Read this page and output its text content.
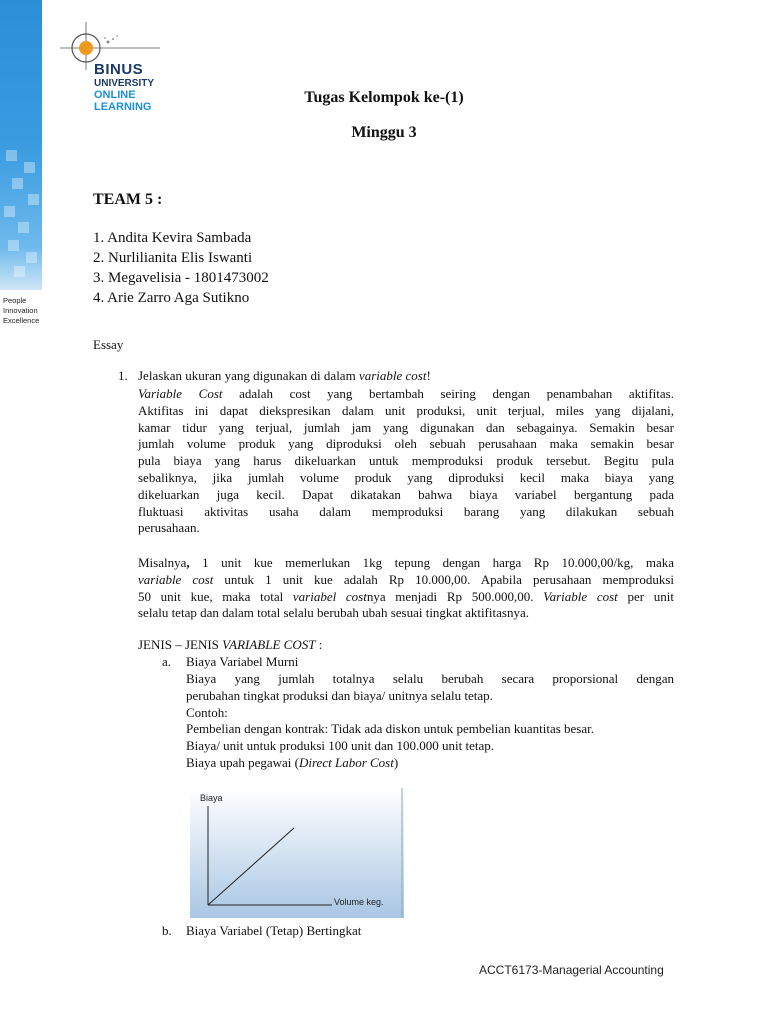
People
Innovation
Excellence
BINUS
UNIVERSITY
ONLINE
LEARNING
Tugas Kelompok ke-(1)
Minggu 3
TEAM 5 :
1. Andita Kevira Sambada
2. Nurlilianita Elis Iswanti
3. Megavelisia - 1801473002
4. Arie Zarro Aga Sutikno
Essay
1. Jelaskan ukuran yang digunakan di dalam variable cost!
Variable Cost adalah cost yang bertambah seiring dengan penambahan aktifitas.
Aktifitas ini dapat diekspresikan dalam unit produksi, unit terjual, miles yang dijalani,
kamar tidur yang terjual, jumlah jam yang digunakan dan sebagainya. Semakin besar
jumlah volume produk yang diproduksi oleh sebuah perusahaan maka semakin besar
pula biaya yang harus dikeluarkan untuk memproduksi produk tersebut. Begitu pula
sebaliknya, jika jumlah volume produk yang diproduksi kecil maka biaya yang
dikeluarkan juga kecil. Dapat dikatakan bahwa biaya variabel bergantung pada
fluktuasi aktivitas usaha dalam memproduksi barang yang dilakukan sebuah
perusahaan.
Misalnya, 1 unit kue memerlukan 1kg tepung dengan harga Rp 10.000,00/kg, maka
variable cost untuk 1 unit kue adalah Rp 10.000,00. Apabila perusahaan memproduksi
50 unit kue, maka total variabel costnya menjadi Rp 500.000,00. Variable cost per unit
selalu tetap dan dalam total selalu berubah ubah sesuai tingkat aktifitasnya.
JENIS – JENIS VARIABLE COST :
a. Biaya Variabel Murni
Biaya yang jumlah totalnya selalu berubah secara proporsional dengan
perubahan tingkat produksi dan biaya/ unitnya selalu tetap.
Contoh:
Pembelian dengan kontrak: Tidak ada diskon untuk pembelian kuantitas besar.
Biaya/ unit untuk produksi 100 unit dan 100.000 unit tetap.
Biaya upah pegawai (Direct Labor Cost)
Biaya
Volume keg.
b. Biaya Variabel (Tetap) Bertingkat
ACCT6173-Managerial Accounting
